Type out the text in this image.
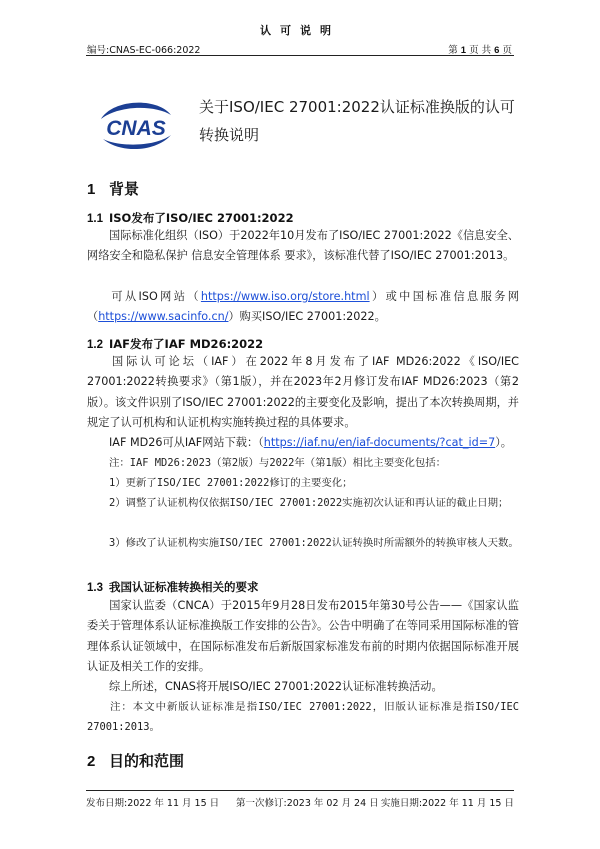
认可说明
编号:CNAS-EC-066:2022	第 1 页 共 6 页
CNAS
关于ISO/IEC 27001:2022认证标准换版的认可转换说明
1 背景
1.1 ISO发布了ISO/IEC 27001:2022
国际标准化组织（ISO）于2022年10月发布了ISO/IEC 27001:2022《信息安全、网络安全和隐私保护 信息安全管理体系 要求》，该标准代替了ISO/IEC 27001:2013。
可从ISO网站（https://www.iso.org/store.html）或中国标准信息服务网（https://www.sacinfo.cn/）购买ISO/IEC 27001:2022。
1.2 IAF发布了IAF MD26:2022
国际认可论坛（IAF）在2022年8月发布了IAF MD26:2022《ISO/IEC 27001:2022转换要求》（第1版），并在2023年2月修订发布IAF MD26:2023（第2版）。该文件识别了ISO/IEC 27001:2022的主要变化及影响，提出了本次转换周期，并规定了认可机构和认证机构实施转换过程的具体要求。
IAF MD26可从IAF网站下载：（https://iaf.nu/en/iaf-documents/?cat_id=7）。
注：IAF MD26:2023（第2版）与2022年（第1版）相比主要变化包括：
1）更新了ISO/IEC 27001:2022修订的主要变化；
2）调整了认证机构仅依据ISO/IEC 27001:2022实施初次认证和再认证的截止日期；
3）修改了认证机构实施ISO/IEC 27001:2022认证转换时所需额外的转换审核人天数。
1.3 我国认证标准转换相关的要求
国家认监委（CNCA）于2015年9月28日发布2015年第30号公告——《国家认监委关于管理体系认证标准换版工作安排的公告》。公告中明确了在等同采用国际标准的管理体系认证领域中，在国际标准发布后新版国家标准发布前的时期内依据国际标准开展认证及相关工作的安排。
综上所述，CNAS将开展ISO/IEC 27001:2022认证标准转换活动。
注：本文中新版认证标准是指ISO/IEC 27001:2022，旧版认证标准是指ISO/IEC 27001:2013。
2 目的和范围
发布日期:2022 年 11 月 15 日 第一次修订:2023 年 02 月 24 日 实施日期:2022 年 11 月 15 日
